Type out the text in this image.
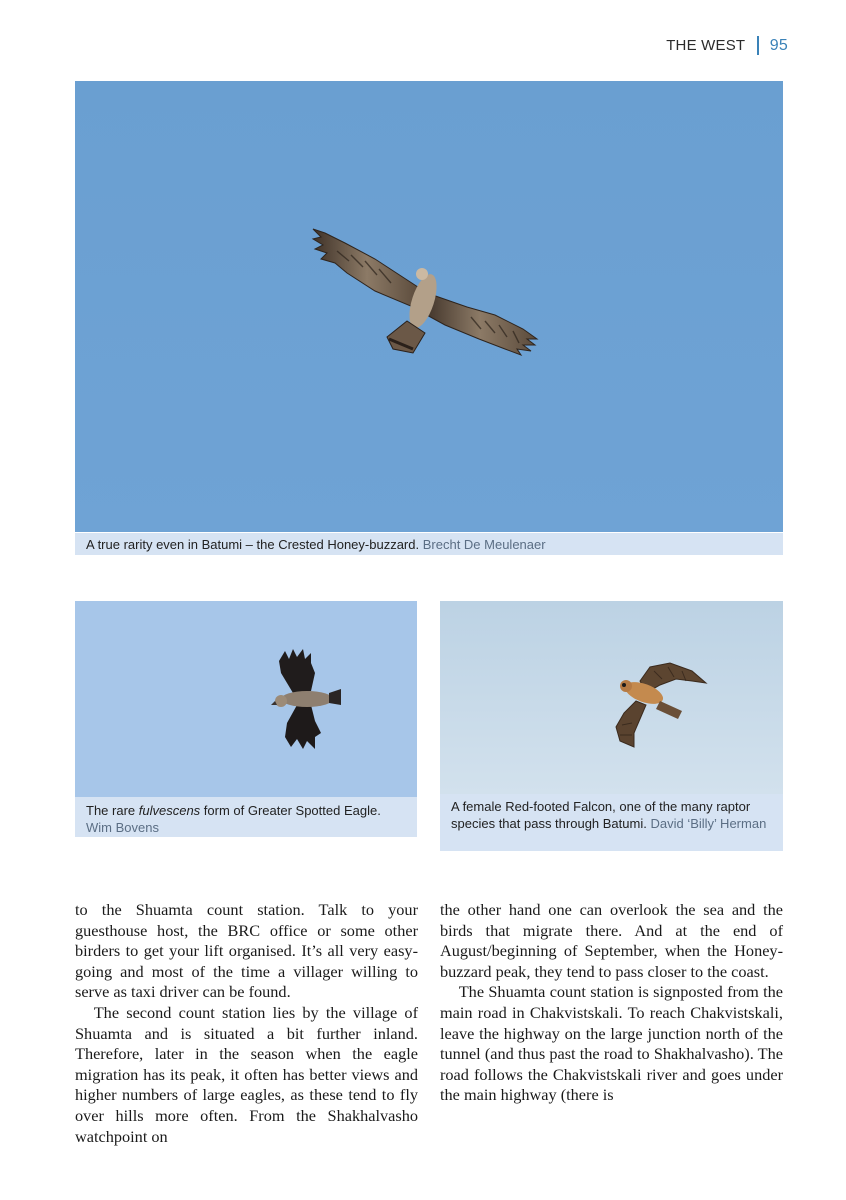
THE WEST 95
A true rarity even in Batumi – the Crested Honey-buzzard. Brecht De Meulenaer
The rare fulvescens form of Greater Spotted Eagle.
Wim Bovens
A female Red-footed Falcon, one of the many raptor species that pass through Batumi. David ‘Billy’ Herman

to the Shuamta count station. Talk to your guesthouse host, the BRC office or some other birders to get your lift organised. It’s all very easy-going and most of the time a villager willing to serve as taxi driver can be found.

The second count station lies by the village of Shuamta and is situated a bit further inland. Therefore, later in the season when the eagle migration has its peak, it often has better views and higher numbers of large eagles, as these tend to fly over hills more often. From the Shakhalvasho watchpoint on

the other hand one can overlook the sea and the birds that migrate there. And at the end of August/beginning of September, when the Honey-buzzard peak, they tend to pass closer to the coast.

The Shuamta count station is signposted from the main road in Chakvistskali. To reach Chakvistskali, leave the highway on the large junction north of the tunnel (and thus past the road to Shakhalvasho). The road follows the Chakvistskali river and goes under the main highway (there is
